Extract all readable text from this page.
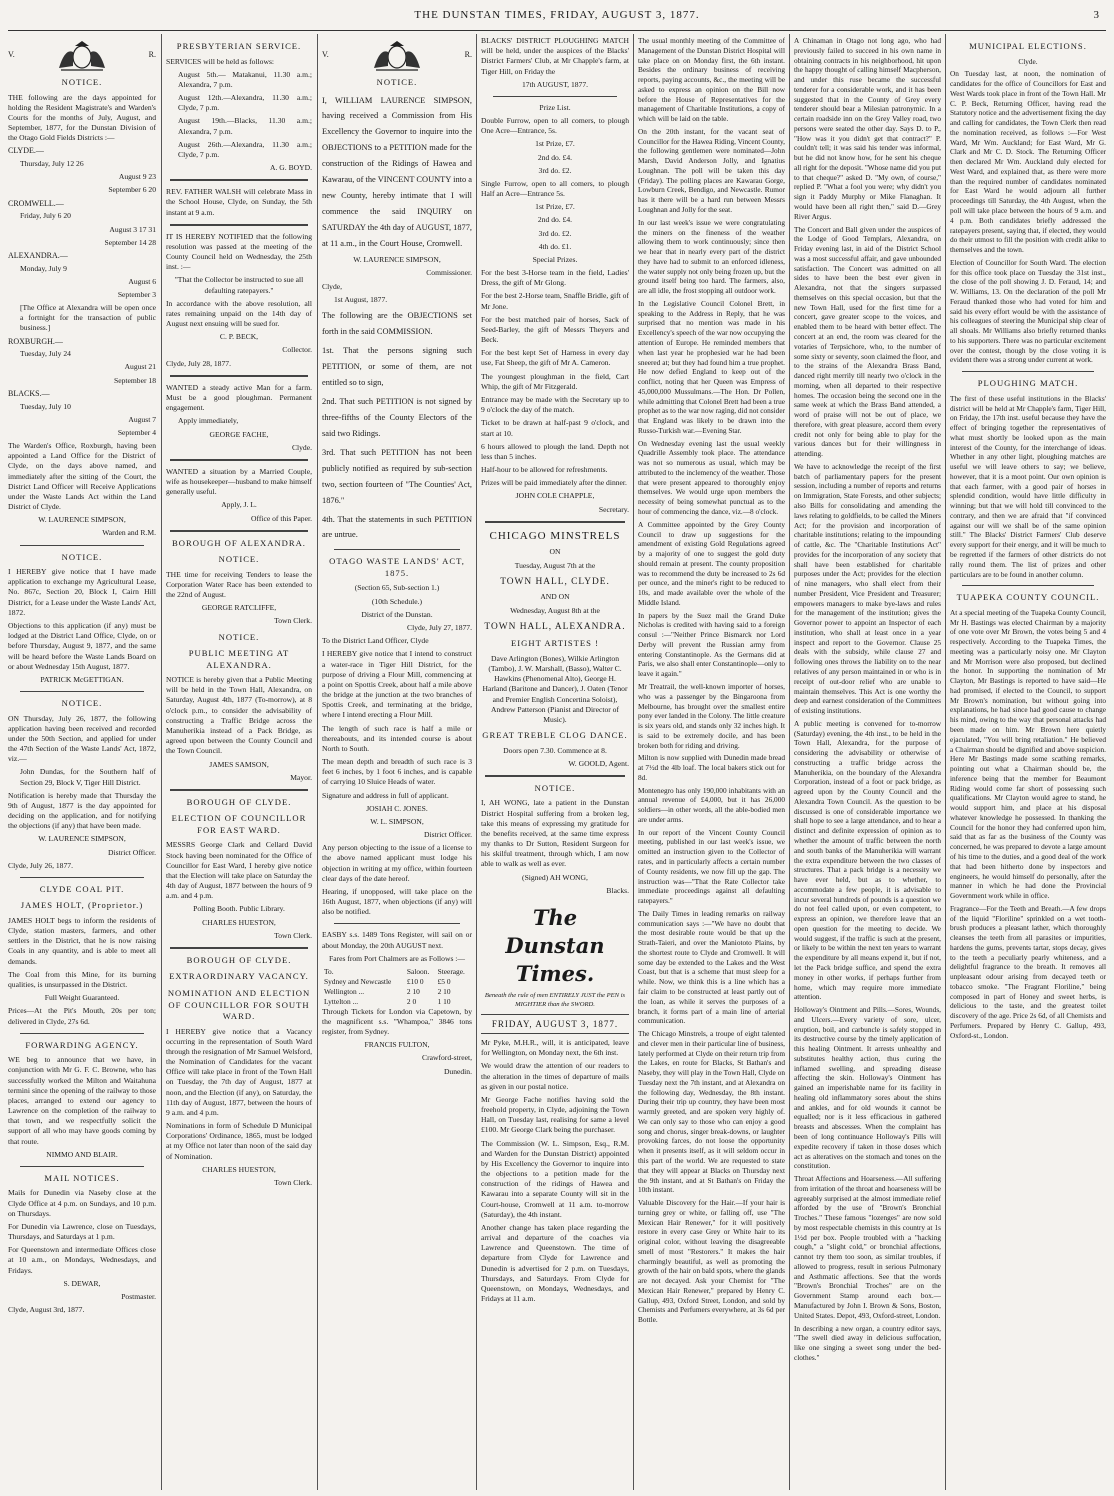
THE DUNSTAN TIMES, FRIDAY, AUGUST 3, 1877.	3
V.	R.
NOTICE.

THE following are the days appointed for holding the Resident Magistrate's and Warden's Courts for the months of July, August, and September, 1877, for the Dunstan Division of the Otago Gold Fields Districts :—

CLYDE.—

Thursday, July 12 26

August 9 23

September 6 20

CROMWELL.—

Friday, July 6 20

August 3 17 31

September 14 28

ALEXANDRA.—

Monday, July 9

August 6

September 3

[The Office at Alexandra will be open once a fortnight for the transaction of public business.]

ROXBURGH.—

Tuesday, July 24

August 21

September 18

BLACKS.—

Tuesday, July 10

August 7

September 4

The Warden's Office, Roxburgh, having been appointed a Land Office for the District of Clyde, on the days above named, and immediately after the sitting of the Court, the District Land Officer will Receive Applications under the Waste Lands Act within the Land District of Clyde.

W. LAURENCE SIMPSON,

Warden and R.M.

NOTICE.

I HEREBY give notice that I have made application to exchange my Agricultural Lease, No. 867c, Section 20, Block I, Cairn Hill District, for a Lease under the Waste Lands' Act, 1872.

Objections to this application (if any) must be lodged at the District Land Office, Clyde, on or before Thursday, August 9, 1877, and the same will be heard before the Waste Lands Board on or about Wednesday 15th August, 1877.

PATRICK McGETTIGAN.

NOTICE.

ON Thursday, July 26, 1877, the following application having been received and recorded under the 50th Section, and applied for under the 47th Section of the Waste Lands' Act, 1872, viz.—

John Dundas, for the Southern half of Section 29, Block V, Tiger Hill District.

Notification is hereby made that Thursday the 9th of August, 1877 is the day appointed for deciding on the application, and for notifying the objections (if any) that have been made.

W. LAURENCE SIMPSON,

District Officer.

Clyde, July 26, 1877.

CLYDE COAL PIT.
JAMES HOLT, (Proprietor.)

JAMES HOLT begs to inform the residents of Clyde, station masters, farmers, and other settlers in the District, that he is now raising Coals in any quantity, and is able to meet all demands.

The Coal from this Mine, for its burning qualities, is unsurpassed in the District.

Full Weight Guaranteed.

Prices—At the Pit's Mouth, 20s per ton; delivered in Clyde, 27s 6d.

FORWARDING AGENCY.

WE beg to announce that we have, in conjunction with Mr G. F. C. Browne, who has successfully worked the Milton and Waitahuna termini since the opening of the railway to those places, arranged to extend our agency to Lawrence on the completion of the railway to that town, and we respectfully solicit the support of all who may have goods coming by that route.

NIMMO AND BLAIR.

MAIL NOTICES.

Mails for Dunedin via Naseby close at the Clyde Office at 4 p.m. on Sundays, and 10 p.m. on Thursdays.

For Dunedin via Lawrence, close on Tuesdays, Thursdays, and Saturdays at 1 p.m.

For Queenstown and intermediate Offices close at 10 a.m., on Mondays, Wednesdays, and Fridays.

S. DEWAR,

Postmaster.

Clyde, August 3rd, 1877.

PRESBYTERIAN SERVICE.

SERVICES will be held as follows:

August 5th.— Matakanui, 11.30 a.m.; Alexandra, 7 p.m.

August 12th.—Alexandra, 11.30 a.m.; Clyde, 7 p.m.

August 19th.—Blacks, 11.30 a.m.; Alexandra, 7 p.m.

August 26th.—Alexandra, 11.30 a.m.; Clyde, 7 p.m.

A. G. BOYD.

REV. FATHER WALSH will celebrate Mass in the School House, Clyde, on Sunday, the 5th instant at 9 a.m.

IT IS HEREBY NOTIFIED that the following resolution was passed at the meeting of the County Council held on Wednesday, the 25th inst. :—

"That the Collector be instructed to sue all defaulting ratepayers."

In accordance with the above resolution, all rates remaining unpaid on the 14th day of August next ensuing will be sued for.

C. P. BECK,

Collector.

Clyde, July 28, 1877.

WANTED a steady active Man for a farm. Must be a good ploughman. Permanent engagement.

Apply immediately,

GEORGE FACHE,

Clyde.

WANTED a situation by a Married Couple, wife as housekeeper—husband to make himself generally useful.

Apply, J. L.

Office of this Paper.

BOROUGH OF ALEXANDRA.
NOTICE.

THE time for receiving Tenders to lease the Corporation Water Race has been extended to the 22nd of August.

GEORGE RATCLIFFE,

Town Clerk.

NOTICE.
PUBLIC MEETING AT ALEXANDRA.

NOTICE is hereby given that a Public Meeting will be held in the Town Hall, Alexandra, on Saturday, August 4th, 1877 (To-morrow), at 8 o'clock p.m., to consider the advisability of constructing a Traffic Bridge across the Manuherikia instead of a Pack Bridge, as agreed upon between the County Council and the Town Council.

JAMES SAMSON,

Mayor.

BOROUGH OF CLYDE.
ELECTION OF COUNCILLOR FOR EAST WARD.

MESSRS George Clark and Cellard David Stock having been nominated for the Office of Councillor for East Ward, I hereby give notice that the Election will take place on Saturday the 4th day of August, 1877 between the hours of 9 a.m. and 4 p.m.

Polling Booth. Public Library.

CHARLES HUESTON,

Town Clerk.

BOROUGH OF CLYDE.
EXTRAORDINARY VACANCY.
NOMINATION AND ELECTION OF COUNCILLOR FOR SOUTH WARD.

I HEREBY give notice that a Vacancy occurring in the representation of South Ward through the resignation of Mr Samuel Welsford, the Nomination of Candidates for the vacant Office will take place in front of the Town Hall on Tuesday, the 7th day of August, 1877 at noon, and the Election (if any), on Saturday, the 11th day of August, 1877, between the hours of 9 a.m. and 4 p.m.

Nominations in form of Schedule D Municipal Corporations' Ordinance, 1865, must be lodged at my Office not later than noon of the said day of Nomination.

CHARLES HUESTON,

Town Clerk.

V.	R.
NOTICE.

I, WILLIAM LAURENCE SIMPSON, having received a Commission from His Excellency the Governor to inquire into the OBJECTIONS to a PETITION made for the construction of the Ridings of Hawea and Kawarau, of the VINCENT COUNTY into a new County, hereby intimate that I will commence the said INQUIRY on SATURDAY the 4th day of AUGUST, 1877, at 11 a.m., in the Court House, Cromwell.

W. LAURENCE SIMPSON,

Commissioner.

Clyde,

1st August, 1877.

The following are the OBJECTIONS set forth in the said COMMISSION.

1st. That the persons signing such PETITION, or some of them, are not entitled so to sign,

2nd. That such PETITION is not signed by three-fifths of the County Electors of the said two Ridings.

3rd. That such PETITION has not been publicly notified as required by sub-section two, section fourteen of "The Counties' Act, 1876."

4th. That the statements in such PETITION are untrue.

OTAGO WASTE LANDS' ACT, 1875.

(Section 65, Sub-section 1.)

(10th Schedule.)

District of the Dunstan.

Clyde, July 27, 1877.

To the District Land Officer, Clyde

I HEREBY give notice that I intend to construct a water-race in Tiger Hill District, for the purpose of driving a Flour Mill, commencing at a point on Spottis Creek, about half a mile above the bridge at the junction at the two branches of Spottis Creek, and terminating at the bridge, where I intend erecting a Flour Mill.

The length of such race is half a mile or thereabouts, and its intended course is about North to South.

The mean depth and breadth of such race is 3 feet 6 inches, by 1 foot 6 inches, and is capable of carrying 10 Sluice Heads of water.

Signature and address in full of applicant.

JOSIAH C. JONES.

W. L. SIMPSON,

District Officer.

Any person objecting to the issue of a license to the above named applicant must lodge his objection in writing at my office, within fourteen clear days of the date hereof.

Hearing, if unopposed, will take place on the 16th August, 1877, when objections (if any) will also be notified.

EASBY s.s. 1489 Tons Register, will sail on or about Monday, the 20th AUGUST next.

Fares from Port Chalmers are as Follows :—

To.	Saloon.	Steerage.
Sydney and Newcastle	£10 0	£5 0
Wellington ...	2 10	2 10
Lyttelton ...	2 0	1 10

Through Tickets for London via Capetown, by the magnificent s.s. "Whampoa," 3846 tons register, from Sydney.

FRANCIS FULTON,

Crawford-street,

Dunedin.

BLACKS' DISTRICT PLOUGHING MATCH will be held, under the auspices of the Blacks' District Farmers' Club, at Mr Chapple's farm, at Tiger Hill, on Friday the

17th AUGUST, 1877.

Prize List.

Double Furrow, open to all comers, to plough One Acre—Entrance, 5s.

1st Prize, £7.

2nd do. £4.

3rd do. £2.

Single Furrow, open to all comers, to plough Half an Acre—Entrance 5s.

1st Prize, £7.

2nd do. £4.

3rd do. £2.

4th do. £1.

Special Prizes.

For the best 3-Horse team in the field, Ladies' Dress, the gift of Mr Glong.

For the best 2-Horse team, Snaffle Bridle, gift of Mr Jone.

For the best matched pair of horses, Sack of Seed-Barley, the gift of Messrs Theyers and Beck.

For the best kept Set of Harness in every day use, Fat Sheep, the gift of Mr A. Cameron.

The youngest ploughman in the field, Cart Whip, the gift of Mr Fitzgerald.

Entrance may be made with the Secretary up to 9 o'clock the day of the match.

Ticket to be drawn at half-past 9 o'clock, and start at 10.

6 hours allowed to plough the land. Depth not less than 5 inches.

Half-hour to be allowed for refreshments.

Prizes will be paid immediately after the dinner.

JOHN COLE CHAPPLE,

Secretary.

CHICAGO MINSTRELS

ON

Tuesday, August 7th at the

TOWN HALL, CLYDE.

AND ON

Wednesday, August 8th at the

TOWN HALL, ALEXANDRA.
EIGHT ARTISTES !

Dave Arlington (Bones), Wilkie Arlington (Tambo), J. W. Marshall, (Basso), Walter C. Hawkins (Phenomenal Alto), George H. Harland (Baritone and Dancer), J. Oaten (Tenor and Premier English Concertina Soloist), Andrew Patterson (Pianist and Director of Music).

GREAT TREBLE CLOG DANCE.

Doors open 7.30. Commence at 8.

W. GOOLD, Agent.

NOTICE.

I, AH WONG, late a patient in the Dunstan District Hospital suffering from a broken leg, take this means of expressing my gratitude for the benefits received, at the same time express my thanks to Dr Sutton, Resident Surgeon for his skilful treatment, through which, I am now able to walk as well as ever.

(Signed) AH WONG,

Blacks.

The Dunstan Times.
Beneath the rule of men ENTIRELY JUST the PEN is MIGHTIER than the SWORD.
FRIDAY, AUGUST 3, 1877.

Mr Pyke, M.H.R., will, it is anticipated, leave for Wellington, on Monday next, the 6th inst.

We would draw the attention of our readers to the alteration in the times of departure of mails as given in our postal notice.

Mr George Fache notifies having sold the freehold property, in Clyde, adjoining the Town Hall, on Tuesday last, realising for same a level £100. Mr George Clark being the purchaser.

The Commission (W. L. Simpson, Esq., R.M. and Warden for the Dunstan District) appointed by His Excellency the Governor to inquire into the objections to a petition made for the construction of the ridings of Hawea and Kawarau into a separate County will sit in the Court-house, Cromwell at 11 a.m. to-morrow (Saturday), the 4th instant.

Another change has taken place regarding the arrival and departure of the coaches via Lawrence and Queenstown. The time of departure from Clyde for Lawrence and Dunedin is advertised for 2 p.m. on Tuesdays, Thursdays, and Saturdays. From Clyde for Queenstown, on Mondays, Wednesdays, and Fridays at 11 a.m.

The usual monthly meeting of the Committee of Management of the Dunstan District Hospital will take place on on Monday first, the 6th instant. Besides the ordinary business of receiving reports, paying accounts, &c., the meeting will be asked to express an opinion on the Bill now before the House of Representatives for the management of Charitable Institutions, a copy of which will be laid on the table.

On the 20th instant, for the vacant seat of Councillor for the Hawea Riding, Vincent County, the following gentlemen were nominated—John Marsh, David Anderson Jolly, and Ignatius Loughnan. The poll will be taken this day (Friday). The polling places are Kawarau Gorge, Lowburn Creek, Bendigo, and Newcastle. Rumor has it there will be a hard run between Messrs Loughnan and Jolly for the seat.

In our last week's issue we were congratulating the miners on the fineness of the weather allowing them to work continuously; since then we hear that in nearly every part of the district they have had to submit to an enforced idleness, the water supply not only being frozen up, but the ground itself being too hard. The farmers, also, are all idle, the frost stopping all outdoor work.

In the Legislative Council Colonel Brett, in speaking to the Address in Reply, that he was surprised that no mention was made in his Excellency's speech of the war now occupying the attention of Europe. He reminded members that when last year he prophesied war he had been sneered at; but they had found him a true prophet. He now defied England to keep out of the conflict, noting that her Queen was Empress of 45,000,000 Mussulmans.—The Hon. Dr Pollen, while admitting that Colonel Brett had been a true prophet as to the war now raging, did not consider that England was likely to be drawn into the Russo-Turkish war.—Evening Star.

On Wednesday evening last the usual weekly Quadrille Assembly took place. The attendance was not so numerous as usual, which may be attributed to the inclemency of the weather. Those that were present appeared to thoroughly enjoy themselves. We would urge upon members the necessity of being somewhat punctual as to the hour of commencing the dance, viz.—8 o'clock.

A Committee appointed by the Grey County Council to draw up suggestions for the amendment of existing Gold Regulations agreed by a majority of one to suggest the gold duty should remain at present. The county proposition was to recommend the duty be increased to 2s 6d per ounce, and the miner's right to be reduced to 10s, and made available over the whole of the Middle Island.

In papers by the Suez mail the Grand Duke Nicholas is credited with having said to a foreign consul :—"Neither Prince Bismarck nor Lord Derby will prevent the Russian army from entering Constantinople. As the Germans did at Paris, we also shall enter Constantinople—only to leave it again."

Mr Treatrail, the well-known importer of horses, who was a passenger by the Bingaroona from Melbourne, has brought over the smallest entire pony ever landed in the Colony. The little creature is six years old, and stands only 32 inches high. It is said to be extremely docile, and has been broken both for riding and driving.

Milton is now supplied with Dunedin made bread at 7½d the 4lb loaf. The local bakers stick out for 8d.

Montenegro has only 190,000 inhabitants with an annual revenue of £4,000, but it has 26,000 soldiers—in other words, all the able-bodied men are under arms.

In our report of the Vincent County Council meeting, published in our last week's issue, we omitted an instruction given to the Collector of rates, and in particularly affects a certain number of County residents, we now fill up the gap. The instruction was—"That the Rate Collector take immediate proceedings against all defaulting ratepayers."

The Daily Times in leading remarks on railway communication says :—"We have no doubt that the most desirable route would be that up the Strath-Taieri, and over the Maniototo Plains, by the shortest route to Clyde and Cromwell. It will some day be extended to the Lakes and the West Coast, but that is a scheme that must sleep for a while. Now, we think this is a line which has a fair claim to be constructed at least partly out of the loan, as while it serves the purposes of a branch, it forms part of a main line of arterial communication.

The Chicago Minstrels, a troupe of eight talented and clever men in their particular line of business, lately performed at Clyde on their return trip from the Lakes, en route for Blacks, St Bathan's and Naseby, they will play in the Town Hall, Clyde on Tuesday next the 7th instant, and at Alexandra on the following day, Wednesday, the 8th instant. During their trip up country, they have been most warmly greeted, and are spoken very highly of. We can only say to those who can enjoy a good song and chorus, singer break-downs, or laughter provoking farces, do not loose the opportunity when it presents itself, as it will seldom occur in this part of the world. We are requested to state that they will appear at Blacks on Thursday next the 9th instant, and at St Bathan's on Friday the 10th instant.

Valuable Discovery for the Hair.—If your hair is turning grey or white, or falling off, use "The Mexican Hair Renewer," for it will positively restore in every case Grey or White hair to its original color, without leaving the disagreeable smell of most "Restorers." It makes the hair charmingly beautiful, as well as promoting the growth of the hair on bald spots, where the glands are not decayed. Ask your Chemist for "The Mexican Hair Renewer," prepared by Henry C. Gallup, 493, Oxford Street, London, and sold by Chemists and Perfumers everywhere, at 3s 6d per Bottle.

A Chinaman in Otago not long ago, who had previously failed to succeed in his own name in obtaining contracts in his neighborhood, hit upon the happy thought of calling himself Macpherson, and under this ruse became the successful tenderer for a considerable work, and it has been suggested that in the County of Grey every tenderer should bear a Milesian patronymic. In a certain roadside inn on the Grey Valley road, two persons were seated the other day. Says D. to P., "How was it you didn't get that contract?" P. couldn't tell; it was said his tender was informal, but he did not know how, for he sent his cheque all right for the deposit. "Whose name did you put to that cheque?" asked D. "My own, of course," replied P. "What a fool you were; why didn't you sign it Paddy Murphy or Mike Flanaghan. It would have been all right then," said D.—Grey River Argus.

The Concert and Ball given under the auspices of the Lodge of Good Templars, Alexandra, on Friday evening last, in aid of the District School was a most successful affair, and gave unbounded satisfaction. The Concert was admitted on all sides to have been the best ever given in Alexandra, not that the singers surpassed themselves on this special occasion, but that the new Town Hall, used for the first time for a concert, gave greater scope to the voices, and enabled them to be heard with better effect. The concert at an end, the room was cleared for the votaries of Terpsichore, who, to the number of some sixty or seventy, soon claimed the floor, and to the strains of the Alexandra Brass Band, danced right merrily till nearly two o'clock in the morning, when all departed to their respective homes. The occasion being the second one in the same week at which the Brass Band attended, a word of praise will not be out of place, we therefore, with great pleasure, accord them every credit not only for being able to play for the various dances but for their willingness in attending.

We have to acknowledge the receipt of the first batch of parliamentary papers for the present session, including a number of reports and returns on Immigration, State Forests, and other subjects; also Bills for consolidating and amending the laws relating to goldfields, to be called the Miners Act; for the provision and incorporation of charitable institutions; relating to the impounding of cattle, &c. The "Charitable Institutions Act" provides for the incorporation of any society that shall have been established for charitable purposes under the Act; provides for the election of nine managers, who shall elect from their number President, Vice President and Treasurer; empowers managers to make bye-laws and rules for the management of the institution; gives the Governor power to appoint an Inspector of each institution, who shall at least once in a year inspect and report to the Governor. Clause 25 deals with the subsidy, while clause 27 and following ones throws the liability on to the near relatives of any person maintained in or who is in receipt of out-door relief who are unable to maintain themselves. This Act is one worthy the deep and earnest consideration of the Committees of existing institutions.

A public meeting is convened for to-morrow (Saturday) evening, the 4th inst., to be held in the Town Hall, Alexandra, for the purpose of considering the advisability or otherwise of constructing a traffic bridge across the Manuherikia, on the boundary of the Alexandra Corporation, instead of a foot or pack bridge, as agreed upon by the County Council and the Alexandra Town Council. As the question to be discussed is one of considerable importance we shall hope to see a large attendance, and to hear a distinct and definite expression of opinion as to whether the amount of traffic between the north and south banks of the Manuherikia will warrant the extra expenditure between the two classes of structures. That a pack bridge is a necessity we have ever held, but as to whether, to accommodate a few people, it is advisable to incur several hundreds of pounds is a question we do not feel called upon, or even competent, to express an opinion, we therefore leave that an open question for the meeting to decide. We would suggest, if the traffic is such at the present, or likely to be within the next ten years to warrant the expenditure by all means expend it, but if not, let the Pack bridge suffice, and spend the extra money in other works, if perhaps further from home, which may require more immediate attention.

Holloway's Ointment and Pills.—Sores, Wounds, and Ulcers.—Every variety of sore, ulcer, eruption, boil, and carbuncle is safely stopped in its destructive course by the timely application of this healing Ointment. It arrests unhealthy and substitutes healthy action, thus curing the inflamed swelling, and spreading disease affecting the skin. Holloway's Ointment has gained an imperishable name for its facility in healing old inflammatory sores about the shins and ankles, and for old wounds it cannot be equalled; nor is it less efficacious in gathered breasts and abscesses. When the complaint has been of long continuance Holloway's Pills will expedite recovery if taken in those doses which act as alteratives on the stomach and tones on the constitution.

Throat Affections and Hoarseness.—All suffering from irritation of the throat and hoarseness will be agreeably surprised at the almost immediate relief afforded by the use of "Brown's Bronchial Troches." These famous "lozenges" are now sold by most respectable chemists in this country at 1s 1½d per box. People troubled with a "hacking cough," a "slight cold," or bronchial affections, cannot try them too soon, as similar troubles, if allowed to progress, result in serious Pulmonary and Asthmatic affections. See that the words "Brown's Bronchial Troches" are on the Government Stamp around each box.—Manufactured by John I. Brown & Sons, Boston, United States. Depot, 493, Oxford-street, London.

In describing a new organ, a country editor says, "The swell died away in delicious suffocation, like one singing a sweet song under the bed-clothes."

MUNICIPAL ELECTIONS.

Clyde.

On Tuesday last, at noon, the nomination of candidates for the office of Councillors for East and West Wards took place in front of the Town Hall. Mr C. P. Beck, Returning Officer, having read the Statutory notice and the advertisement fixing the day and calling for candidates, the Town Clerk then read the nomination received, as follows :—For West Ward, Mr Wm. Auckland; for East Ward, Mr G. Clark and Mr C. D. Stock. The Returning Officer then declared Mr Wm. Auckland duly elected for West Ward, and explained that, as there were more than the required number of candidates nominated for East Ward he would adjourn all further proceedings till Saturday, the 4th August, when the poll will take place between the hours of 9 a.m. and 4 p.m. Both candidates briefly addressed the ratepayers present, saying that, if elected, they would do their utmost to fill the position with credit alike to themselves and the town.

Election of Councillor for South Ward. The election for this office took place on Tuesday the 31st inst., the close of the poll showing J. D. Feraud, 14; and W. Williams, 13. On the declaration of the poll Mr Feraud thanked those who had voted for him and said his every effort would be with the assistance of his colleagues of steering the Municipal ship clear of all shoals. Mr Williams also briefly returned thanks to his supporters. There was no particular excitement over the contest, though by the close voting it is evident there was a strong under current at work.

PLOUGHING MATCH.

The first of these useful institutions in the Blacks' district will be held at Mr Chapple's farm, Tiger Hill, on Friday, the 17th inst. useful because they have the effect of bringing together the representatives of what must shortly be looked upon as the main interest of the County, for the interchange of ideas. Whether in any other light, ploughing matches are useful we will leave others to say; we believe, however, that it is a moot point. Our own opinion is that each farmer, with a good pair of horses in splendid condition, would have little difficulty in winning; but that we will hold till convinced to the contrary, and then we are afraid that "if convinced against our will we shall be of the same opinion still." The Blacks' District Farmers' Club deserve every support for their energy, and it will be much to be regretted if the farmers of other districts do not rally round them. The list of prizes and other particulars are to be found in another column.

TUAPEKA COUNTY COUNCIL.

At a special meeting of the Tuapeka County Council, Mr H. Bastings was elected Chairman by a majority of one vote over Mr Brown, the votes being 5 and 4 respectively. According to the Tuapeka Times, the meeting was a particularly noisy one. Mr Clayton and Mr Morrison were also proposed, but declined the honor. In supporting the nomination of Mr Clayton, Mr Bastings is reported to have said—He had promised, if elected to the Council, to support Mr Brown's nomination, but without going into explanations, he had since had good cause to change his mind, owing to the way that personal attacks had been made on him. Mr Brown here quietly ejaculated, "You will bring retaliation." He believed a Chairman should be dignified and above suspicion. Here Mr Bastings made some scathing remarks, pointing out what a Chairman should be, the inference being that the member for Beaumont Riding would come far short of possessing such qualifications. Mr Clayton would agree to stand, he would support him, and place at his disposal whatever knowledge he possessed. In thanking the Council for the honor they had conferred upon him, said that as far as the business of the County was concerned, he was prepared to devote a large amount of his time to the duties, and a good deal of the work that had been hitherto done by inspectors and engineers, he would himself do personally, after the manner in which he had done the Provincial Government work while in office.

Fragrance—For the Teeth and Breath.—A few drops of the liquid "Floriline" sprinkled on a wet tooth-brush produces a pleasant lather, which thoroughly cleanses the teeth from all parasites or impurities, hardens the gums, prevents tartar, stops decay, gives to the teeth a peculiarly pearly whiteness, and a delightful fragrance to the breath. It removes all unpleasant odour arising from decayed teeth or tobacco smoke. "The Fragrant Floriline," being composed in part of Honey and sweet herbs, is delicious to the taste, and the greatest toilet discovery of the age. Price 2s 6d, of all Chemists and Perfumers. Prepared by Henry C. Gallup, 493, Oxford-st., London.
